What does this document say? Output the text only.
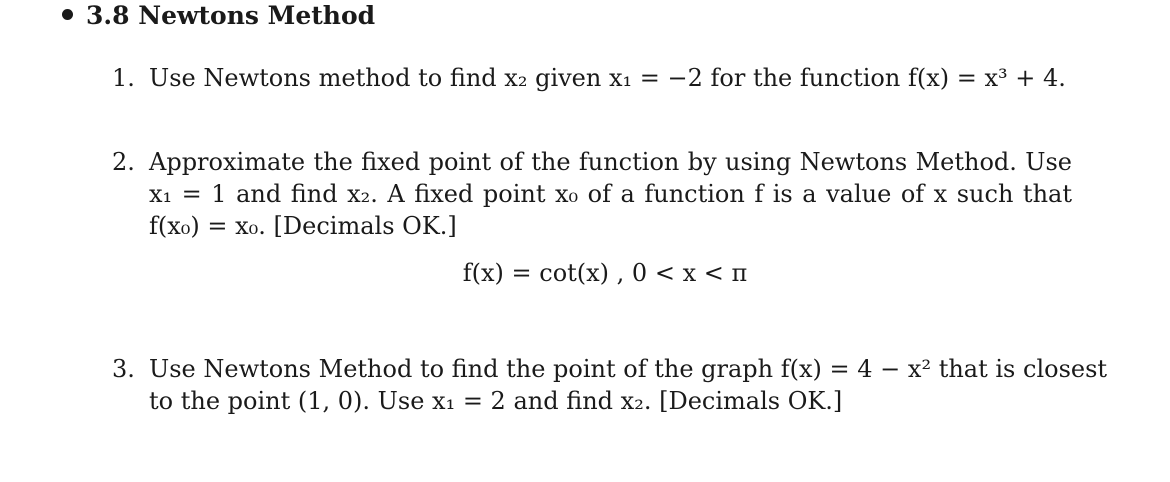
3.8 Newtons Method
1. Use Newtons method to find x₂ given x₁ = −2 for the function f(x) = x³ + 4.
2. Approximate the fixed point of the function by using Newtons Method. Use
x₁ = 1 and find x₂. A fixed point x₀ of a function f is a value of x such that
f(x₀) = x₀. [Decimals OK.]
f(x) = cot(x) , 0 < x < π
3. Use Newtons Method to find the point of the graph f(x) = 4 − x² that is closest
to the point (1, 0). Use x₁ = 2 and find x₂. [Decimals OK.]
